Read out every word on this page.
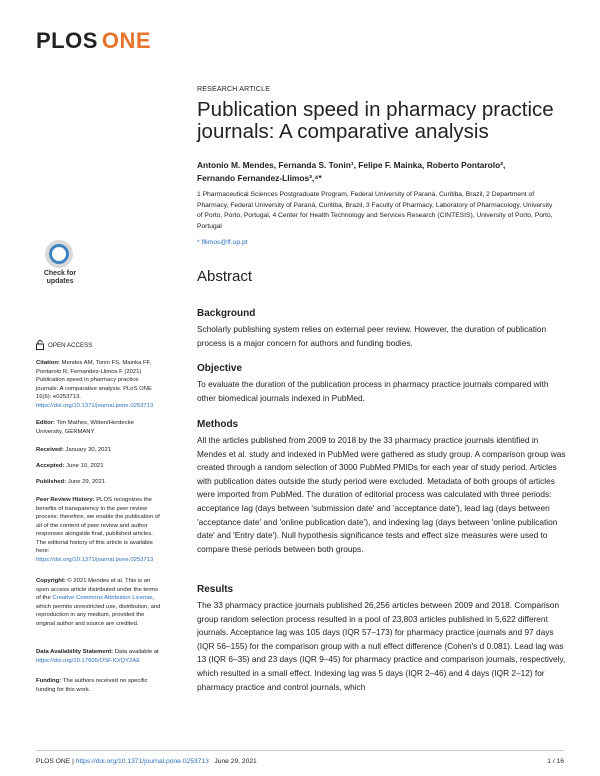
PLOS ONE
RESEARCH ARTICLE
Publication speed in pharmacy practice journals: A comparative analysis
Antonio M. Mendes, Fernanda S. Tonin¹, Felipe F. Mainka, Roberto Pontarolo²,
Fernando Fernandez-Llimos³,⁴*
1 Pharmaceutical Sciences Postgraduate Program, Federal University of Paraná, Curitiba, Brazil, 2 Department of Pharmacy, Federal University of Paraná, Curitiba, Brazil, 3 Faculty of Pharmacy, Laboratory of Pharmacology, University of Porto, Porto, Portugal, 4 Center for Health Technology and Services Research (CINTESIS), University of Porto, Porto, Portugal
* fllimos@ff.up.pt
Check for
updates
OPEN ACCESS
Citation: Mendes AM, Tonin FS, Mainka FF, Pontarolo R, Fernandez-Llimos F (2021) Publication speed in pharmacy practice journals: A comparative analysis. PLoS ONE 16(6): e0253713. https://doi.org/10.1371/journal.pone.0253713
Editor: Tim Mathes, Witten/Herdecke University, GERMANY
Received: January 30, 2021
Accepted: June 10, 2021
Published: June 29, 2021
Peer Review History: PLOS recognizes the benefits of transparency in the peer review process; therefore, we enable the publication of all of the content of peer review and author responses alongside final, published articles. The editorial history of this article is available here: https://doi.org/10.1371/journal.pone.0253713
Copyright: © 2021 Mendes et al. This is an open access article distributed under the terms of the Creative Commons Attribution License, which permits unrestricted use, distribution, and reproduction in any medium, provided the original author and source are credited.
Data Availability Statement: Data available at https://doi.org/10.17605/OSF.IO/QY2AE
Funding: The authors received no specific funding for this work.
Abstract
Background

Scholarly publishing system relies on external peer review. However, the duration of publication process is a major concern for authors and funding bodies.

Objective

To evaluate the duration of the publication process in pharmacy practice journals compared with other biomedical journals indexed in PubMed.

Methods

All the articles published from 2009 to 2018 by the 33 pharmacy practice journals identified in Mendes et al. study and indexed in PubMed were gathered as study group. A comparison group was created through a random selection of 3000 PubMed PMIDs for each year of study period. Articles with publication dates outside the study period were excluded. Metadata of both groups of articles were imported from PubMed. The duration of editorial process was calculated with three periods: acceptance lag (days between 'submission date' and 'acceptance date'), lead lag (days between 'acceptance date' and 'online publication date'), and indexing lag (days between 'online publication date' and 'Entry date'). Null hypothesis significance tests and effect size measures were used to compare these periods between both groups.

Results

The 33 pharmacy practice journals published 26,256 articles between 2009 and 2018. Comparison group random selection process resulted in a pool of 23,803 articles published in 5,622 different journals. Acceptance lag was 105 days (IQR 57–173) for pharmacy practice journals and 97 days (IQR 56–155) for the comparison group with a null effect difference (Cohen's d 0.081). Lead lag was 13 (IQR 6–35) and 23 days (IQR 9–45) for pharmacy practice and comparison journals, respectively, which resulted in a small effect. Indexing lag was 5 days (IQR 2–46) and 4 days (IQR 2–12) for pharmacy practice and control journals, which

PLOS ONE | https://doi.org/10.1371/journal.pone.0253713 June 29, 2021	1 / 16
